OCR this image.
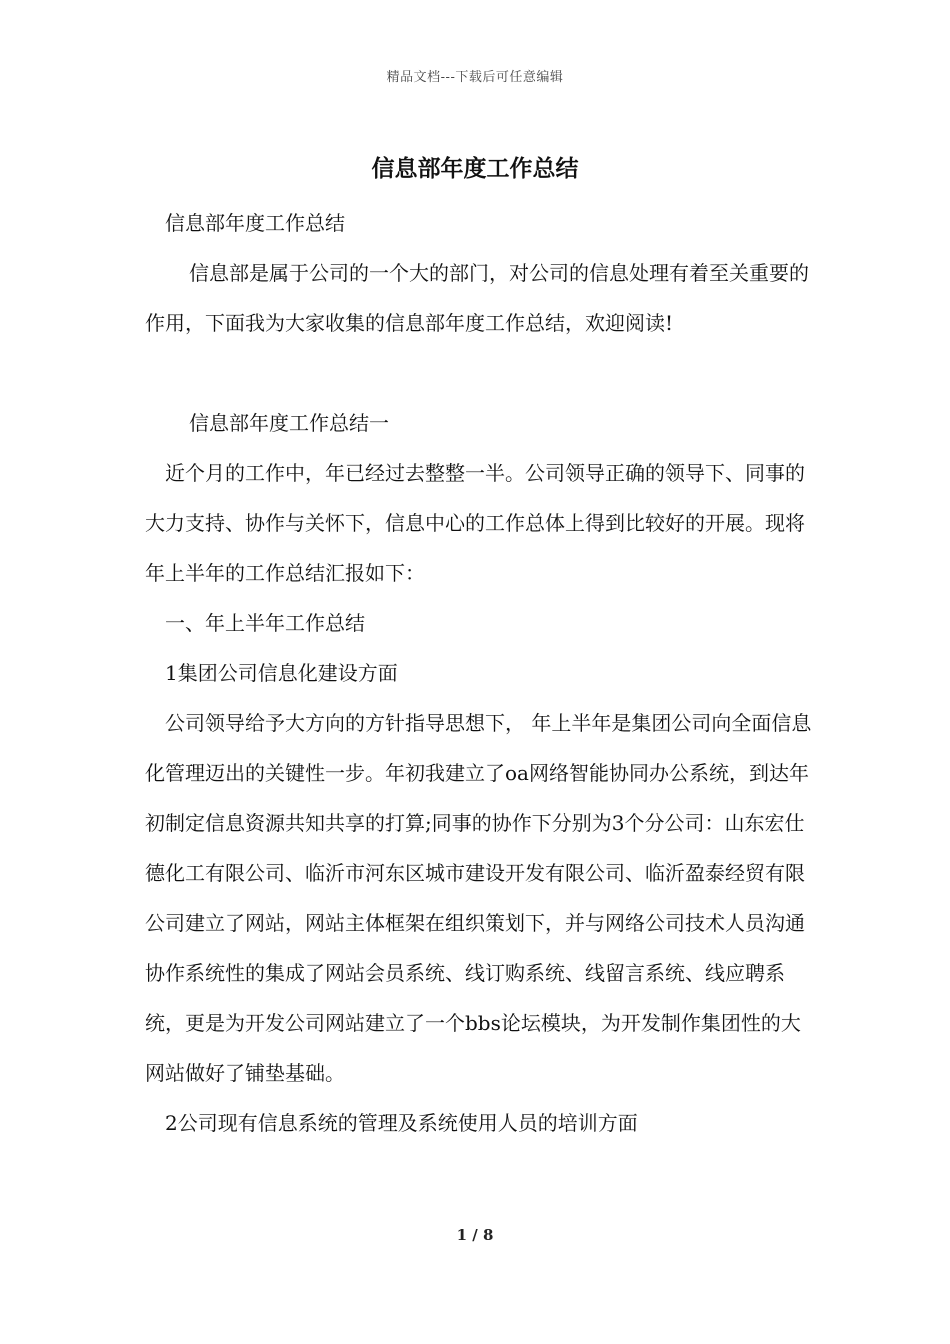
精品文档---下载后可任意编辑
信息部年度工作总结

信息部年度工作总结

信息部是属于公司的一个大的部门，对公司的信息处理有着至关重要的作用，下面我为大家收集的信息部年度工作总结，欢迎阅读!

信息部年度工作总结一

近个月的工作中，年已经过去整整一半。公司领导正确的领导下、同事的大力支持、协作与关怀下，信息中心的工作总体上得到比较好的开展。现将年上半年的工作总结汇报如下：

一、年上半年工作总结

1集团公司信息化建设方面

公司领导给予大方向的方针指导思想下， 年上半年是集团公司向全面信息化管理迈出的关键性一步。年初我建立了oa网络智能协同办公系统，到达年初制定信息资源共知共享的打算;同事的协作下分别为3个分公司：山东宏仕德化工有限公司、临沂市河东区城市建设开发有限公司、临沂盈泰经贸有限公司建立了网站，网站主体框架在组织策划下，并与网络公司技术人员沟通协作系统性的集成了网站会员系统、线订购系统、线留言系统、线应聘系统，更是为开发公司网站建立了一个bbs论坛模块，为开发制作集团性的大网站做好了铺垫基础。

2公司现有信息系统的管理及系统使用人员的培训方面

1 / 8
